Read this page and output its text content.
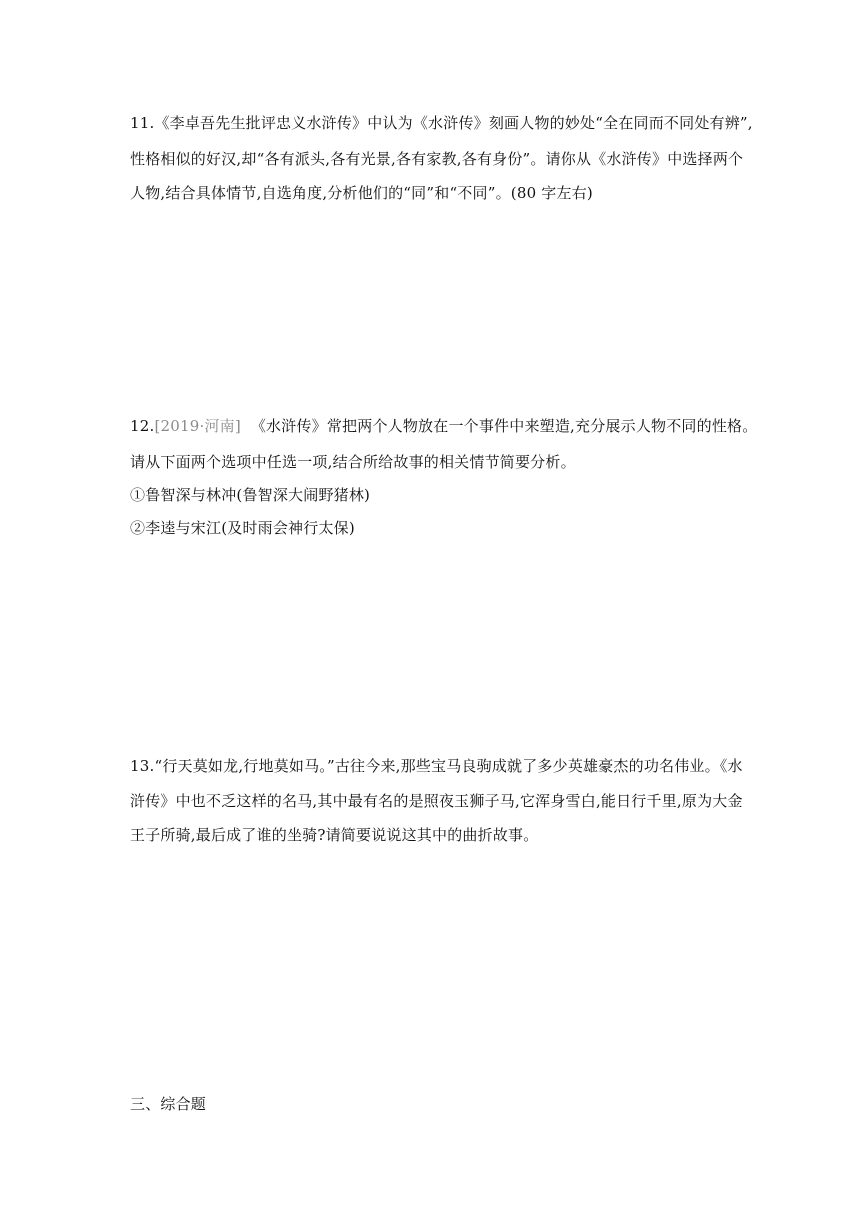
11.《李卓吾先生批评忠义水浒传》中认为《水浒传》刻画人物的妙处“全在同而不同处有辨”,
性格相似的好汉,却“各有派头,各有光景,各有家教,各有身份”。请你从《水浒传》中选择两个
人物,结合具体情节,自选角度,分析他们的“同”和“不同”。(80 字左右)
12.[2019·河南] 《水浒传》常把两个人物放在一个事件中来塑造,充分展示人物不同的性格。
请从下面两个选项中任选一项,结合所给故事的相关情节简要分析。
①鲁智深与林冲(鲁智深大闹野猪林)
②李逵与宋江(及时雨会神行太保)
13.“行天莫如龙,行地莫如马。”古往今来,那些宝马良驹成就了多少英雄豪杰的功名伟业。《水
浒传》中也不乏这样的名马,其中最有名的是照夜玉狮子马,它浑身雪白,能日行千里,原为大金
王子所骑,最后成了谁的坐骑?请简要说说这其中的曲折故事。
三、综合题
